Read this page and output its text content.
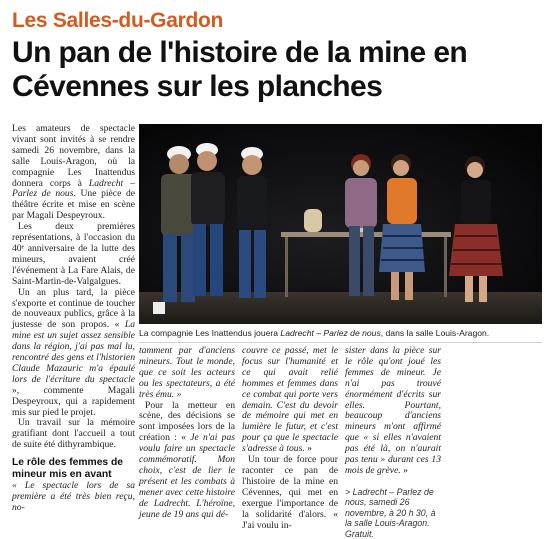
Les Salles-du-Gardon
Un pan de l'histoire de la mine en Cévennes sur les planches

Les amateurs de spectacle vivant sont invités à se rendre samedi 26 novembre, dans la salle Louis-Aragon, où la compagnie Les Inattendus donnera corps à Ladrecht – Parlez de nous. Une pièce de théâtre écrite et mise en scène par Magali Despeyroux.

Les deux premières représentations, à l'occasion du 40ᵉ anniversaire de la lutte des mineurs, avaient créé l'événement à La Fare Alais, de Saint-Martin-de-Valgalgues.

Un an plus tard, la pièce s'exporte et continue de toucher de nouveaux publics, grâce à la justesse de son propos. « La mine est un sujet assez sensible dans la région, j'ai pas mal lu, rencontré des gens et l'historien Claude Mazauric m'a épaulé lors de l'écriture du spectacle », commente Magali Despeyroux, qui a rapidement mis sur pied le projet.

Un travail sur la mémoire gratifiant dont l'accueil a tout de suite été dithyrambique.

Le rôle des femmes de mineur mis en avant

« Le spectacle lors de sa première a été très bien reçu, no-

La compagnie Les Inattendus jouera Ladrecht – Parlez de nous, dans la salle Louis-Aragon.

tamment par d'anciens mineurs. Tout le monde, que ce soit les acteurs ou les spectateurs, a été très ému. »

Pour la metteur en scène, des décisions se sont imposées lors de la création : « Je n'ai pas voulu faire un spectacle commémoratif. Mon choix, c'est de lier le présent et les combats à mener avec cette histoire de Ladrecht. L'héroïne, jeune de 19 ans qui dé-

couvre ce passé, met le focus sur l'humanité et ce qui avait relié hommes et femmes dans ce combat qui porte vers demain. C'est du devoir de mémoire qui met en lumière le futur, et c'est pour ça que le spectacle s'adresse à tous. »

Un tour de force pour raconter ce pan de l'histoire de la mine en Cévennes, qui met en exergue l'importance de la solidarité d'alors. « J'ai voulu in-

sister dans la pièce sur le rôle qu'ont joué les femmes de mineur. Je n'ai pas trouvé énormément d'écrits sur elles. Pourtant, beaucoup d'anciens mineurs m'ont affirmé que « si elles n'avaient pas été là, on n'aurait pas tenu » durant ces 13 mois de grève. »

> Ladrecht – Parlez de nous, samedi 26 novembre, à 20 h 30, à la salle Louis-Aragon. Gratuit.
